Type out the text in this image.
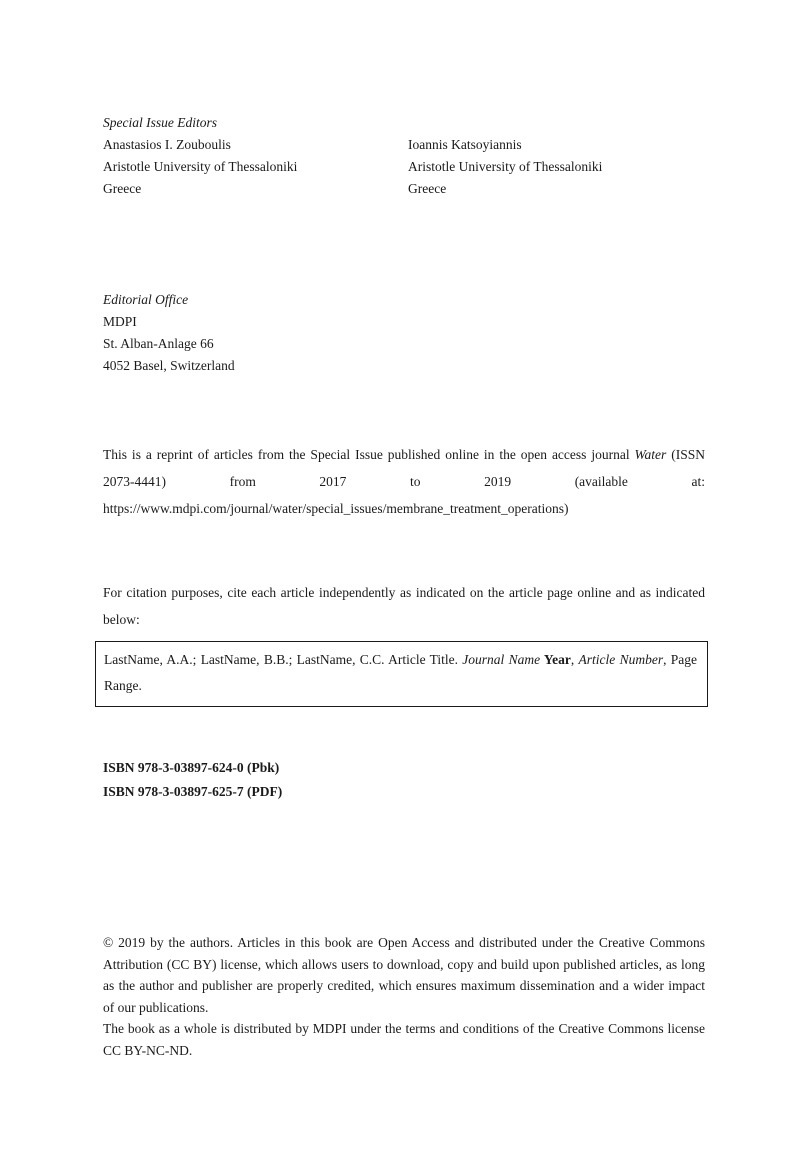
Special Issue Editors
Anastasios I. Zouboulis
Aristotle University of Thessaloniki
Greece
Ioannis Katsoyiannis
Aristotle University of Thessaloniki
Greece
Editorial Office
MDPI
St. Alban-Anlage 66
4052 Basel, Switzerland
This is a reprint of articles from the Special Issue published online in the open access journal Water (ISSN 2073-4441) from 2017 to 2019 (available at: https://www.mdpi.com/journal/water/special_issues/membrane_treatment_operations)
For citation purposes, cite each article independently as indicated on the article page online and as indicated below:
LastName, A.A.; LastName, B.B.; LastName, C.C. Article Title. Journal Name Year, Article Number, Page Range.
ISBN 978-3-03897-624-0 (Pbk)
ISBN 978-3-03897-625-7 (PDF)

© 2019 by the authors. Articles in this book are Open Access and distributed under the Creative Commons Attribution (CC BY) license, which allows users to download, copy and build upon published articles, as long as the author and publisher are properly credited, which ensures maximum dissemination and a wider impact of our publications.

The book as a whole is distributed by MDPI under the terms and conditions of the Creative Commons license CC BY-NC-ND.
